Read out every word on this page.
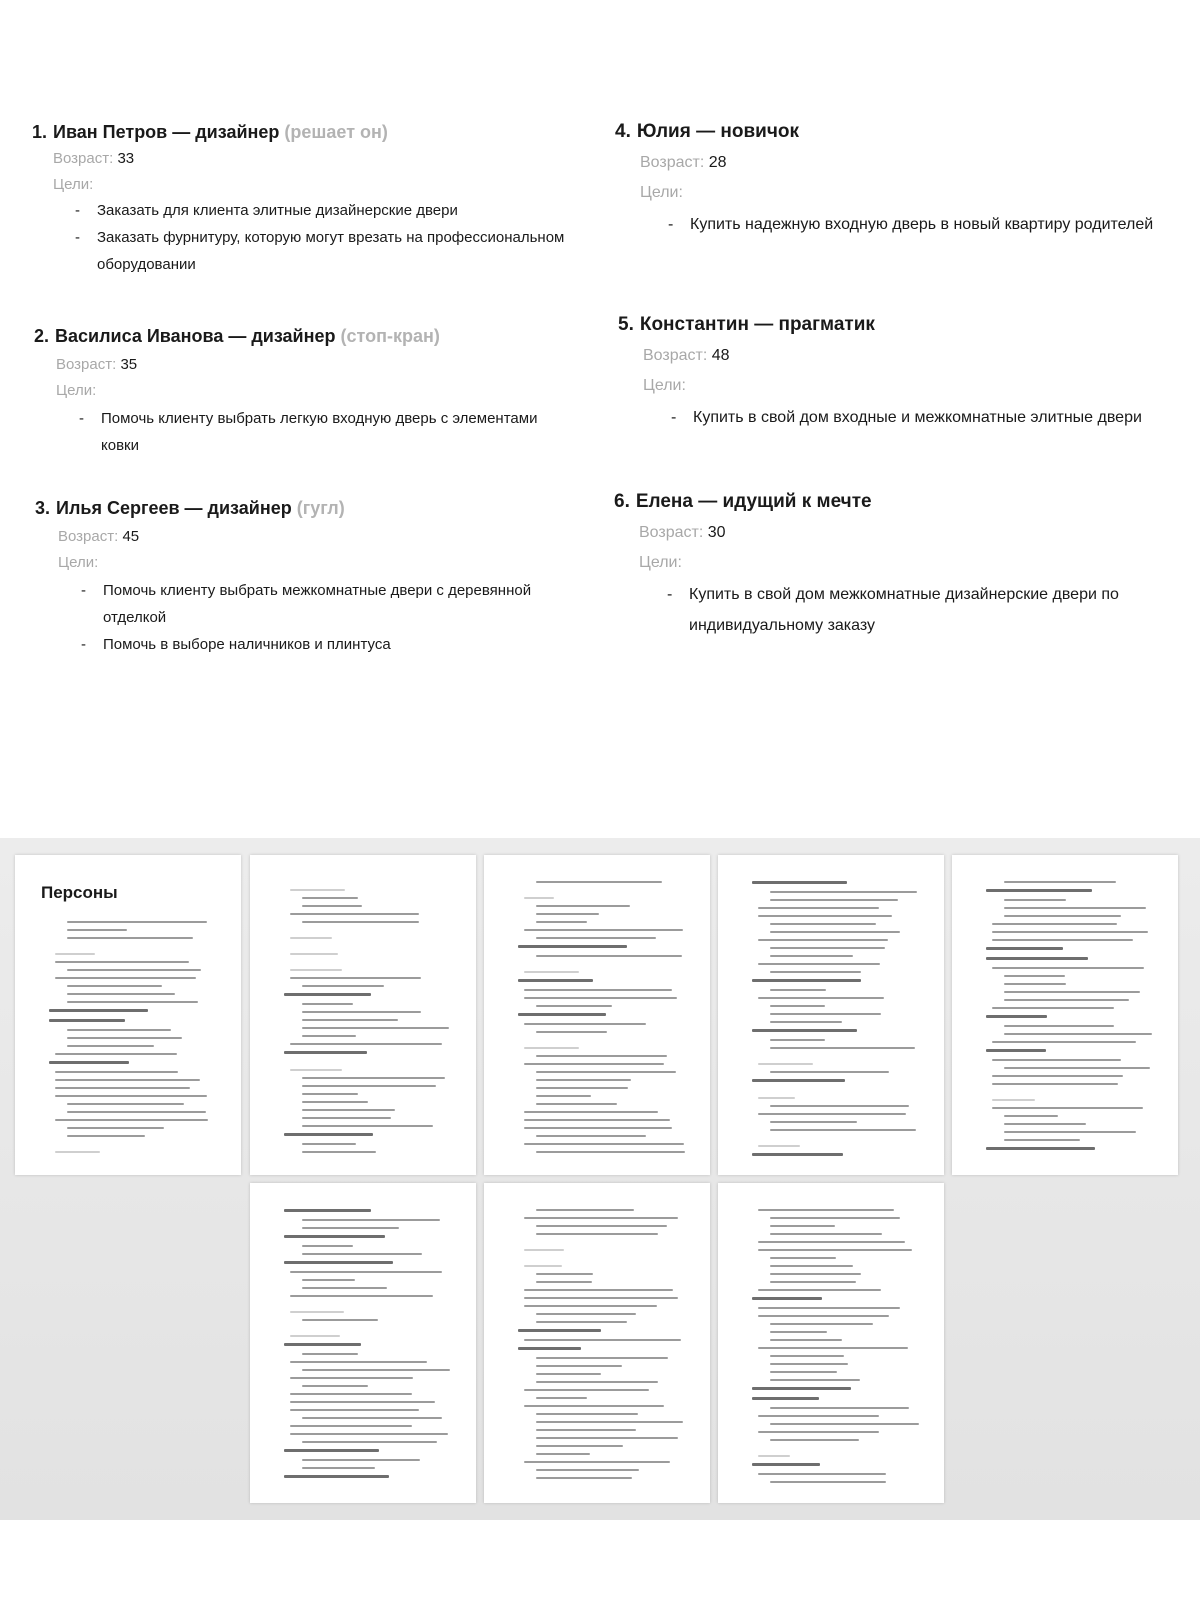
1. Иван Петров — дизайнер (решает он)
Возраст: 33
Цели:
- Заказать для клиента элитные дизайнерские двери
- Заказать фурнитуру, которую могут врезать на профессиональном
оборудовании
2. Василиса Иванова — дизайнер (стоп-кран)
Возраст: 35
Цели:
- Помочь клиенту выбрать легкую входную дверь с элементами
ковки
3. Илья Сергеев — дизайнер (гугл)
Возраст: 45
Цели:
- Помочь клиенту выбрать межкомнатные двери с деревянной
отделкой
- Помочь в выборе наличников и плинтуса
4. Юлия — новичок
Возраст: 28
Цели:
- Купить надежную входную дверь в новый квартиру родителей
5. Константин — прагматик
Возраст: 48
Цели:
- Купить в свой дом входные и межкомнатные элитные двери
6. Елена — идущий к мечте
Возраст: 30
Цели:
- Купить в свой дом межкомнатные дизайнерские двери по
индивидуальному заказу
Персоны
